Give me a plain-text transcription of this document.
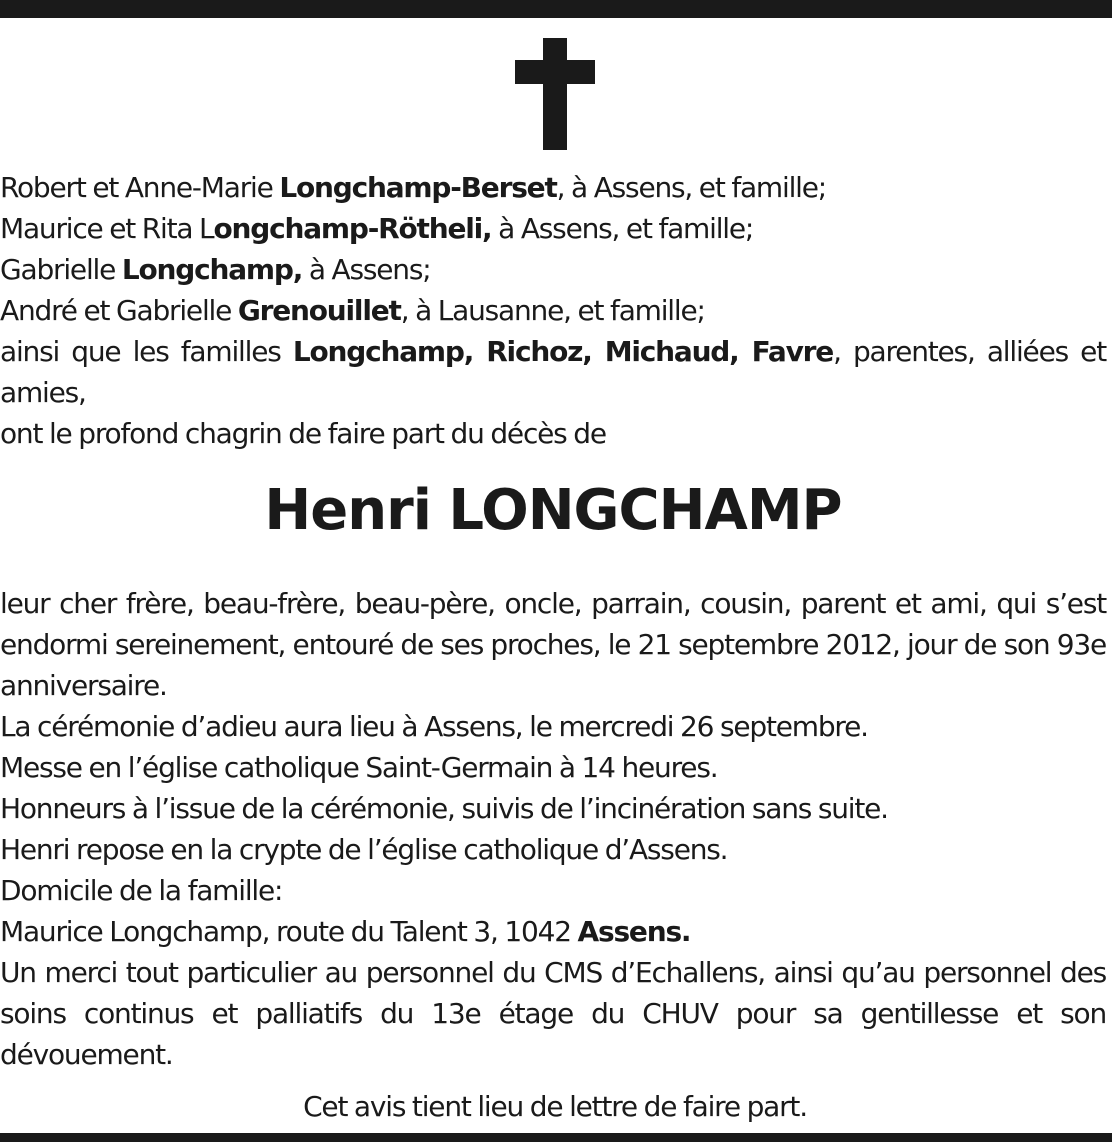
Robert et Anne-Marie Longchamp-Berset, à Assens, et famille;

Maurice et Rita Longchamp-Rötheli, à Assens, et famille;

Gabrielle Longchamp, à Assens;

André et Gabrielle Grenouillet, à Lausanne, et famille;

ainsi que les familles Longchamp, Richoz, Michaud, Favre, parentes, alliées et amies,

ont le profond chagrin de faire part du décès de

Henri LONGCHAMP

leur cher frère, beau-frère, beau-père, oncle, parrain, cousin, parent et ami, qui s’est endormi sereinement, entouré de ses proches, le 21 septembre 2012, jour de son 93e anniversaire.

La cérémonie d’adieu aura lieu à Assens, le mercredi 26 septembre.

Messe en l’église catholique Saint-Germain à 14 heures.

Honneurs à l’issue de la cérémonie, suivis de l’incinération sans suite.

Henri repose en la crypte de l’église catholique d’Assens.

Domicile de la famille:

Maurice Longchamp, route du Talent 3, 1042 Assens.

Un merci tout particulier au personnel du CMS d’Echallens, ainsi qu’au personnel des soins continus et palliatifs du 13e étage du CHUV pour sa gentillesse et son dévouement.

Cet avis tient lieu de lettre de faire part.
